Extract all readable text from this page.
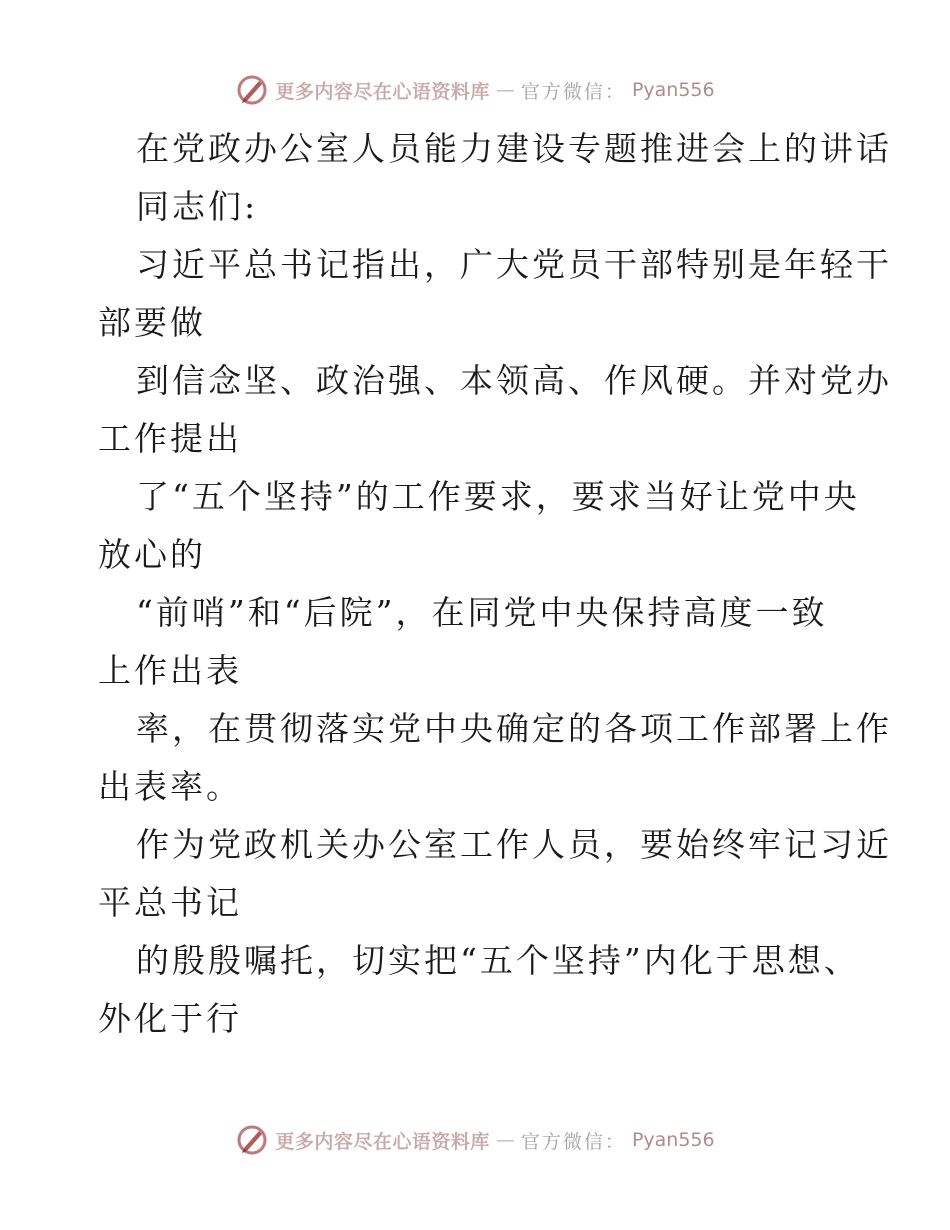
更多内容尽在心语资料库 — 官方微信： Pyan556
在党政办公室人员能力建设专题推进会上的讲话
同志们:
习近平总书记指出，广大党员干部特别是年轻干
部要做
到信念坚、政治强、本领高、作风硬。并对党办
工作提出
了“五个坚持”的工作要求，要求当好让党中央
放心的
“前哨”和“后院”，在同党中央保持高度一致
上作出表
率，在贯彻落实党中央确定的各项工作部署上作
出表率。
作为党政机关办公室工作人员，要始终牢记习近
平总书记
的殷殷嘱托，切实把“五个坚持”内化于思想、
外化于行
更多内容尽在心语资料库 — 官方微信： Pyan556
